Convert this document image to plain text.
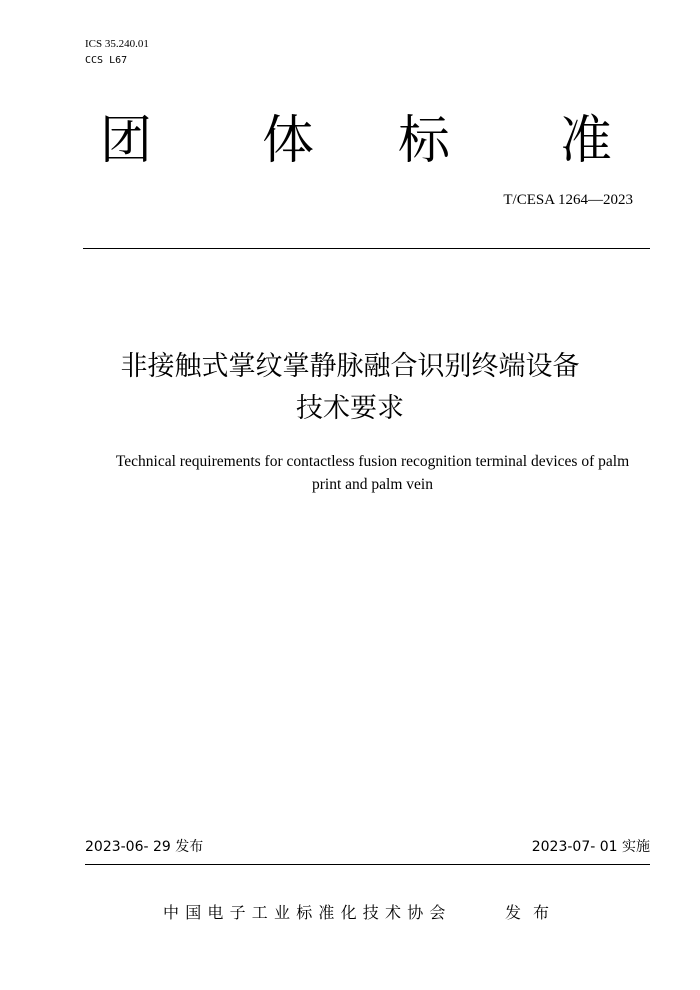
ICS 35.240.01
CCS L67
团 体 标 准
T/CESA 1264—2023
非接触式掌纹掌静脉融合识别终端设备
技术要求
Technical requirements for contactless fusion recognition terminal devices of palm
print and palm vein
2023-06- 29 发布	2023-07- 01 实施
中国电子工业标准化技术协会	发布
